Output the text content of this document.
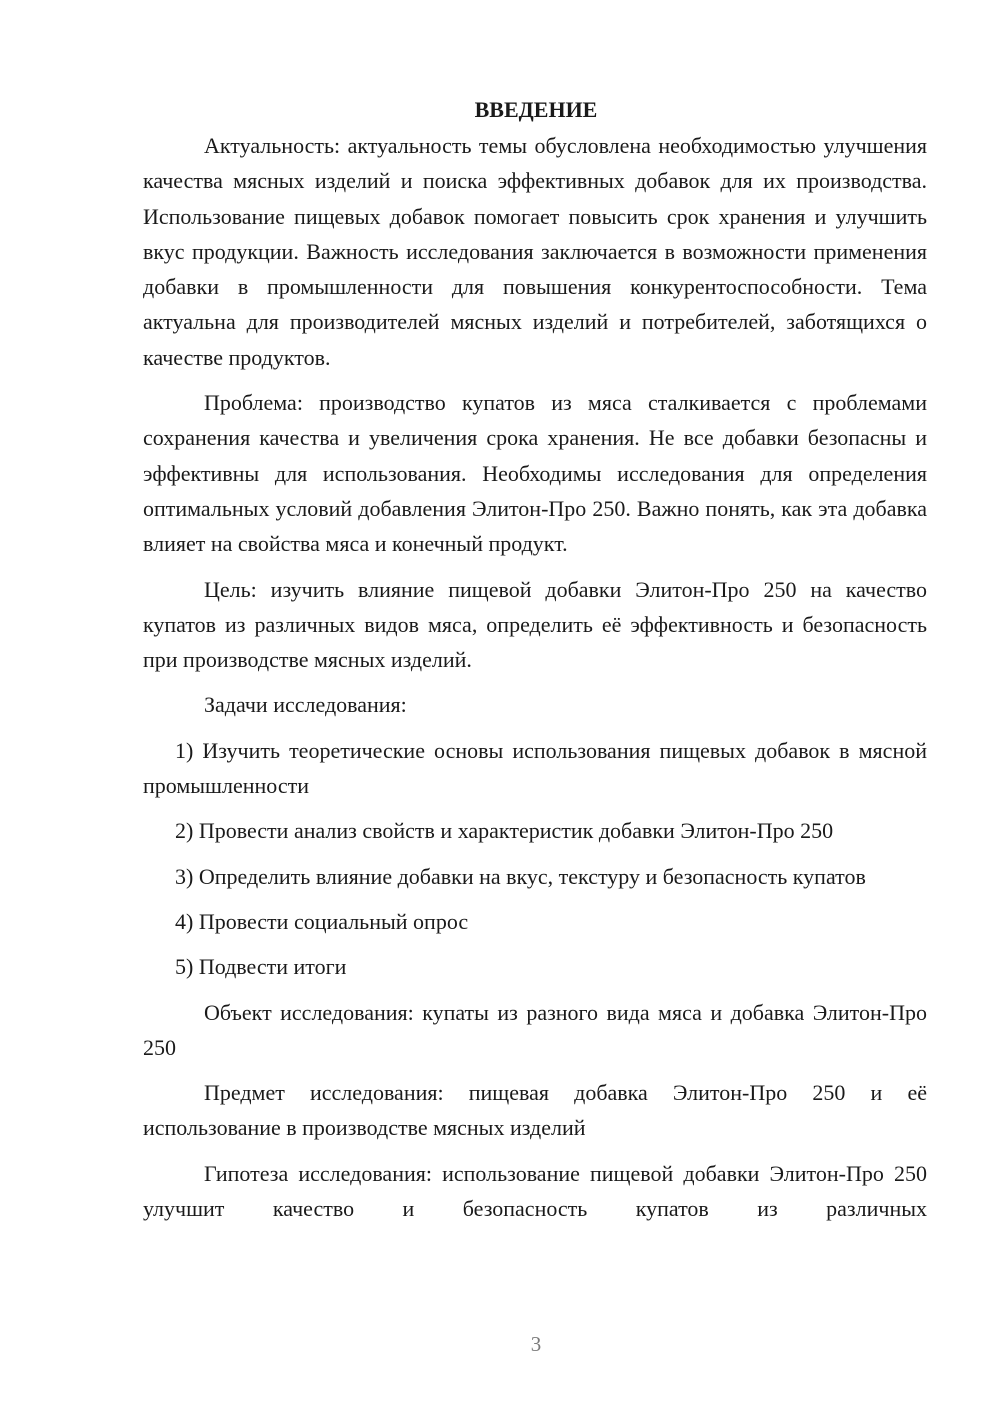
ВВЕДЕНИЕ

Актуальность: актуальность темы обусловлена необходимостью улучшения качества мясных изделий и поиска эффективных добавок для их производства. Использование пищевых добавок помогает повысить срок хранения и улучшить вкус продукции. Важность исследования заключается в возможности применения добавки в промышленности для повышения конкурентоспособности. Тема актуальна для производителей мясных изделий и потребителей, заботящихся о качестве продуктов.

Проблема: производство купатов из мяса сталкивается с проблемами сохранения качества и увеличения срока хранения. Не все добавки безопасны и эффективны для использования. Необходимы исследования для определения оптимальных условий добавления Элитон-Про 250. Важно понять, как эта добавка влияет на свойства мяса и конечный продукт.

Цель: изучить влияние пищевой добавки Элитон-Про 250 на качество купатов из различных видов мяса, определить её эффективность и безопасность при производстве мясных изделий.

Задачи исследования:

1) Изучить теоретические основы использования пищевых добавок в мясной промышленности

2) Провести анализ свойств и характеристик добавки Элитон-Про 250

3) Определить влияние добавки на вкус, текстуру и безопасность купатов

4) Провести социальный опрос

5) Подвести итоги

Объект исследования: купаты из разного вида мяса и добавка Элитон-Про 250

Предмет исследования: пищевая добавка Элитон-Про 250 и её использование в производстве мясных изделий

Гипотеза исследования: использование пищевой добавки Элитон-Про 250 улучшит качество и безопасность купатов из различных

3
